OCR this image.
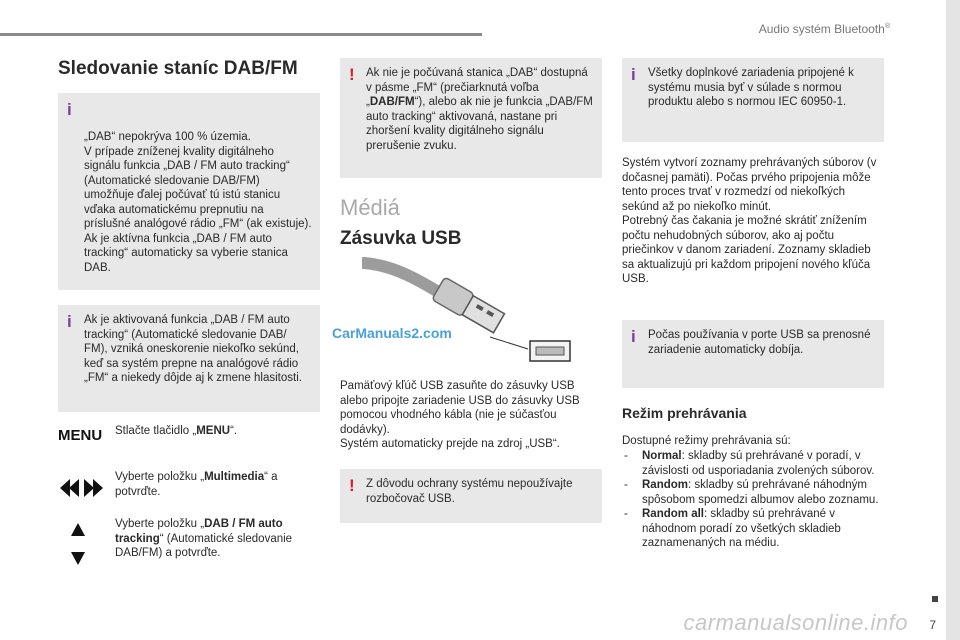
Audio systém Bluetooth®
7
carmanualsonline.info
Sledovanie staníc DAB/FM

i

„DAB“ nepokrýva 100 % územia.
V prípade zníženej kvality digitálneho signálu funkcia „DAB / FM auto tracking“ (Automatické sledovanie DAB/FM) umožňuje ďalej počúvať tú istú stanicu vďaka automatickému prepnutiu na príslušné analógové rádio „FM“ (ak existuje).
Ak je aktívna funkcia „DAB / FM auto tracking“ automaticky sa vyberie stanica DAB.

i Ak je aktivovaná funkcia „DAB / FM auto tracking“ (Automatické sledovanie DAB/ FM), vzniká oneskorenie niekoľko sekúnd, keď sa systém prepne na analógové rádio „FM“ a niekedy dôjde aj k zmene hlasitosti.
MENU Stlačte tlačidlo „MENU“.
Vyberte položku „Multimedia“ a potvrďte.
Vyberte položku „DAB / FM auto tracking“ (Automatické sledovanie DAB/FM) a potvrďte.
! Ak nie je počúvaná stanica „DAB“ dostupná v pásme „FM“ (prečiarknutá voľba „DAB/FM“), alebo ak nie je funkcia „DAB/FM auto tracking“ aktivovaná, nastane pri zhoršení kvality digitálneho signálu prerušenie zvuku.
Médiá
Zásuvka USB
CarManuals2.com
Pamäťový kľúč USB zasuňte do zásuvky USB alebo pripojte zariadenie USB do zásuvky USB pomocou vhodného kábla (nie je súčasťou dodávky).
Systém automaticky prejde na zdroj „USB“.
! Z dôvodu ochrany systému nepoužívajte rozbočovač USB.
i Všetky doplnkové zariadenia pripojené k systému musia byť v súlade s normou produktu alebo s normou IEC 60950-1.
Systém vytvorí zoznamy prehrávaných súborov (v dočasnej pamäti). Počas prvého pripojenia môže tento proces trvať v rozmedzí od niekoľkých sekúnd až po niekoľko minút.
Potrebný čas čakania je možné skrátiť znížením počtu nehudobných súborov, ako aj počtu priečinkov v danom zariadení. Zoznamy skladieb sa aktualizujú pri každom pripojení nového kľúča USB.
i Počas používania v porte USB sa prenosné zariadenie automaticky dobíja.
Režim prehrávania
Dostupné režimy prehrávania sú:
- Normal: skladby sú prehrávané v poradí, v závislosti od usporiadania zvolených súborov.
- Random: skladby sú prehrávané náhodným spôsobom spomedzi albumov alebo zoznamu.
- Random all: skladby sú prehrávané v náhodnom poradí zo všetkých skladieb zaznamenaných na médiu.
